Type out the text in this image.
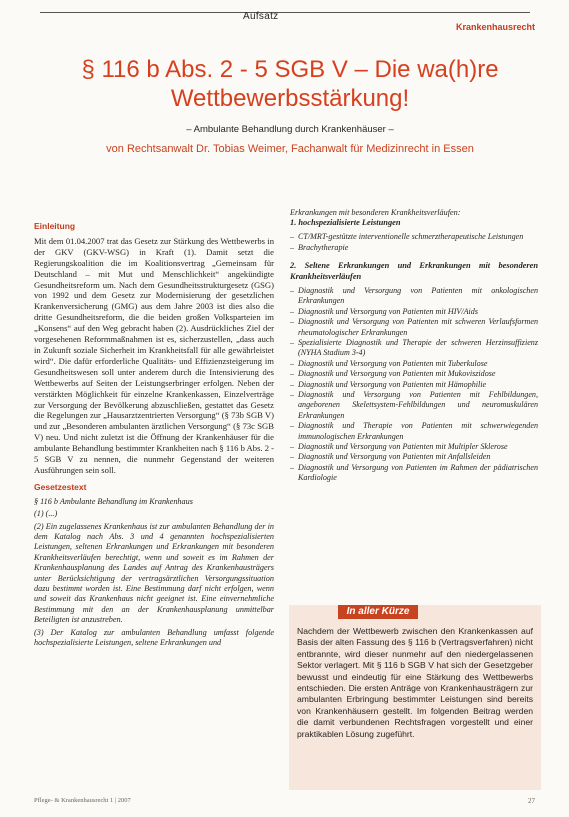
Aufsatz
Krankenhausrecht
§ 116 b Abs. 2 - 5 SGB V – Die wa(h)re Wettbewerbsstärkung!
– Ambulante Behandlung durch Krankenhäuser –
von Rechtsanwalt Dr. Tobias Weimer, Fachanwalt für Medizinrecht in Essen
Einleitung

Mit dem 01.04.2007 trat das Gesetz zur Stärkung des Wettbewerbs in der GKV (GKV-WSG) in Kraft (1). Damit setzt die Regierungskoalition die im Koalitionsvertrag „Gemeinsam für Deutschland – mit Mut und Menschlichkeit“ angekündigte Gesundheitsreform um. Nach dem Gesundheitsstrukturgesetz (GSG) von 1992 und dem Gesetz zur Modernisierung der gesetzlichen Krankenversicherung (GMG) aus dem Jahre 2003 ist dies also die dritte Gesundheitsreform, die die beiden großen Volksparteien im „Konsens“ auf den Weg gebracht haben (2). Ausdrückliches Ziel der vorgesehenen Reformmaßnahmen ist es, sicherzustellen, „dass auch in Zukunft soziale Sicherheit im Krankheitsfall für alle gewährleistet wird“. Die dafür erforderliche Qualitäts- und Effizienzsteigerung im Gesundheitswesen soll unter anderem durch die Intensivierung des Wettbewerbs auf Seiten der Leistungserbringer erfolgen. Neben der verstärkten Möglichkeit für einzelne Krankenkassen, Einzelverträge zur Versorgung der Bevölkerung abzuschließen, gestattet das Gesetz die Regelungen zur „Hausarztzentrierten Versorgung“ (§ 73b SGB V) und zur „Besonderen ambulanten ärztlichen Versorgung“ (§ 73c SGB V) neu. Und nicht zuletzt ist die Öffnung der Krankenhäuser für die ambulante Behandlung bestimmter Krankheiten nach § 116 b Abs. 2 - 5 SGB V zu nennen, die nunmehr Gegenstand der weiteren Ausführungen sein soll.

Gesetzestext

§ 116 b Ambulante Behandlung im Krankenhaus

(1) (...)

(2) Ein zugelassenes Krankenhaus ist zur ambulanten Behandlung der in dem Katalog nach Abs. 3 und 4 genannten hochspezialisierten Leistungen, seltenen Erkrankungen und Erkrankungen mit besonderen Krankheitsverläufen berechtigt, wenn und soweit es im Rahmen der Krankenhausplanung des Landes auf Antrag des Krankenhausträgers unter Berücksichtigung der vertragsärztlichen Versorgungssituation dazu bestimmt worden ist. Eine Bestimmung darf nicht erfolgen, wenn und soweit das Krankenhaus nicht geeignet ist. Eine einvernehmliche Bestimmung mit den an der Krankenhausplanung unmittelbar Beteiligten ist anzustreben.

(3) Der Katalog zur ambulanten Behandlung umfasst folgende hochspezialisierte Leistungen, seltene Erkrankungen und

Erkrankungen mit besonderen Krankheitsverläufen:
1. hochspezialisierte Leistungen
– CT/MRT-gestützte interventionelle schmerztherapeutische Leistungen
– Brachytherapie
2. Seltene Erkrankungen und Erkrankungen mit besonderen Krankheitsverläufen
– Diagnostik und Versorgung von Patienten mit onkologischen Erkrankungen
– Diagnostik und Versorgung von Patienten mit HIV/Aids
– Diagnostik und Versorgung von Patienten mit schweren Verlaufsformen rheumatologischer Erkrankungen
– Spezialisierte Diagnostik und Therapie der schweren Herzinsuffizienz (NYHA Stadium 3-4)
– Diagnostik und Versorgung von Patienten mit Tuberkulose
– Diagnostik und Versorgung von Patienten mit Mukoviszidose
– Diagnostik und Versorgung von Patienten mit Hämophilie
– Diagnostik und Versorgung von Patienten mit Fehlbildungen, angeborenen Skelettsystem-Fehlbildungen und neuromuskulären Erkrankungen
– Diagnostik und Therapie von Patienten mit schwerwiegenden immunologischen Erkrankungen
– Diagnostik und Versorgung von Patienten mit Multipler Sklerose
– Diagnostik und Versorgung von Patienten mit Anfallsleiden
– Diagnostik und Versorgung von Patienten im Rahmen der pädiatrischen Kardiologie
In aller Kürze
Nachdem der Wettbewerb zwischen den Krankenkassen auf Basis der alten Fassung des § 116 b (Vertragsverfahren) nicht entbrannte, wird dieser nunmehr auf den niedergelassenen Sektor verlagert. Mit § 116 b SGB V hat sich der Gesetzgeber bewusst und eindeutig für eine Stärkung des Wettbewerbs entschieden. Die ersten Anträge von Krankenhausträgern zur ambulanten Erbringung bestimmter Leistungen sind bereits von Krankenhäusern gestellt. Im folgenden Beitrag werden die damit verbundenen Rechtsfragen vorgestellt und einer praktikablen Lösung zugeführt.
Pflege- & Krankenhausrecht 1 | 2007	27
